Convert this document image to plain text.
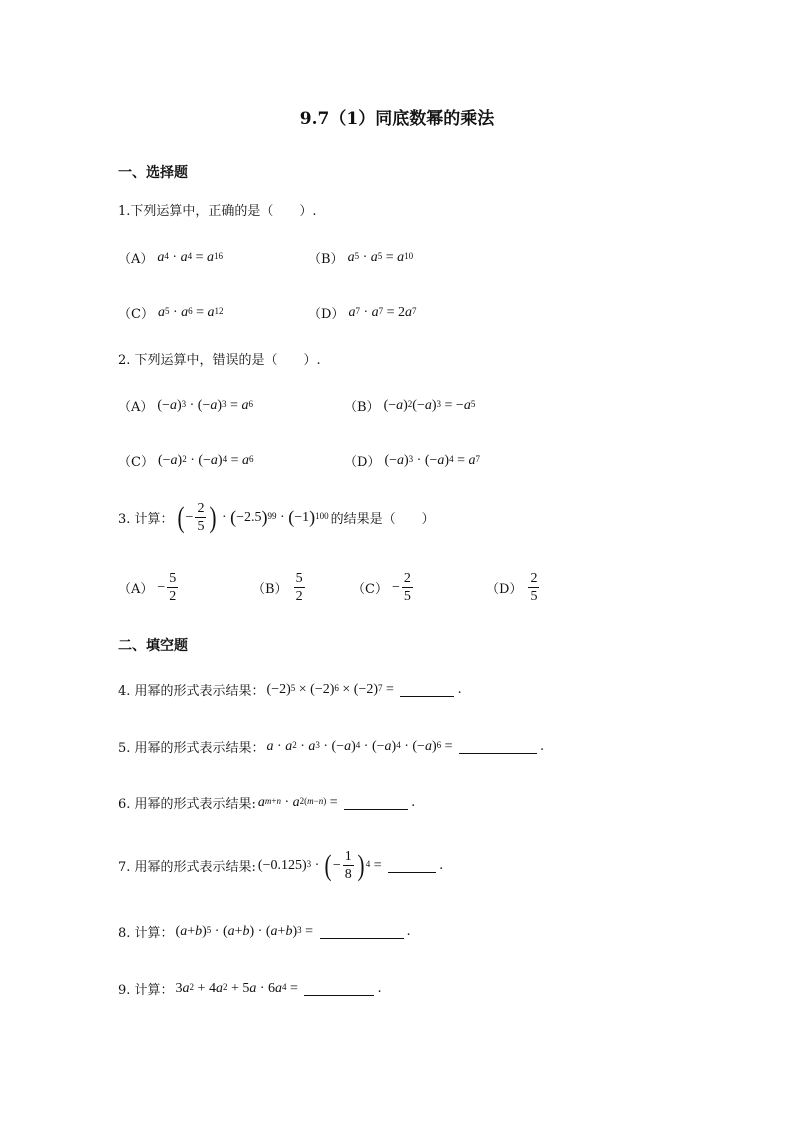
9.7（1）同底数幂的乘法
一、选择题
1.下列运算中，正确的是（　　）.
（A） $a^4 \cdot a^4 = a^{16}$	（B） $a^5 \cdot a^5 = a^{10}$
（C） $a^5 \cdot a^6 = a^{12}$	（D） $a^7 \cdot a^7 = 2$ $a^7$
2. 下列运算中，错误的是（　　）.
（A） (− a )$^3$ · (− a )$^3 = a^6$	（B） (− a )$^2$ (− a )$^3$ = − $a^5$
（C） (− a )$^2$ · (− a )$^4 = a^6$	（D） (− a )$^3$ · (− a )$^4 = a^7$
3. 计算： ( − $\frac{2}{5}$ ) · ( −2.5 )$^{99}$ · ( −1 )$^{100}$ 的结果是（　　）
$(A) - \frac{5}{2}$	$(B) \frac{5}{2}$	$(C) - \frac{2}{5}$	$(D) \frac{2}{5}$
二、填空题
4. 用幂的形式表示结果： $(-2)^5 \times (-2)^6 \times (-2)^7$ =	.
5. 用幂的形式表示结果： $a \cdot a^2 \cdot a^3$ · (− a )$^4$ · (− a )$^4$ · (− a )$^6$ =	.
6. 用幂的形式表示结果: a $^{m+n} \cdot a^{2(m-n)}$ =	.
7. 用幂的形式表示结果: $(-0.125)^3$ · ( − $\frac{1}{8} )^4$ =	.
8. 计算： ( a + b )$^5$ · ( a + b ) · ( a + b )$^3$ =	.
9. 计算： 3 $a^2 + 4$ $a^2 + 5$ a · 6 $a^4$ =	.
